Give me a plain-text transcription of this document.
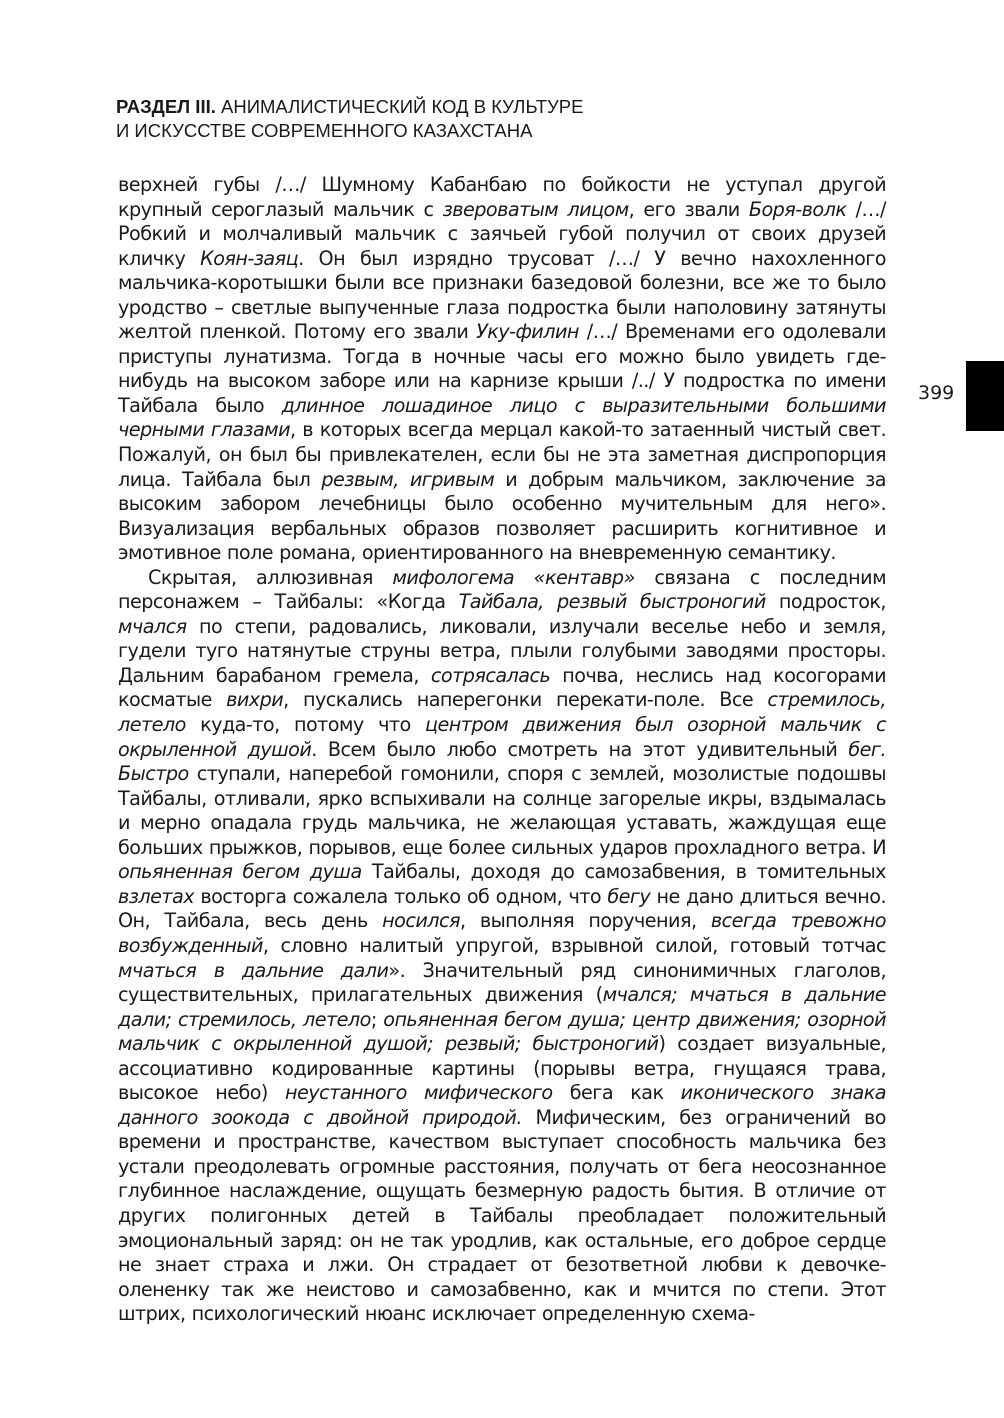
РАЗДЕЛ III. АНИМАЛИСТИЧЕСКИЙ КОД В КУЛЬТУРЕ
И ИСКУССТВЕ СОВРЕМЕННОГО КАЗАХСТАНА

верхней губы /…/ Шумному Кабанбаю по бойкости не уступал другой крупный сероглазый мальчик с звероватым лицом, его звали Боря-волк /…/ Робкий и молчаливый мальчик с заячьей губой получил от своих друзей кличку Коян-заяц. Он был изрядно трусоват /…/ У вечно нахохленного мальчика-коротышки были все признаки базедовой болезни, все же то было уродство – светлые выпученные глаза подростка были наполовину затянуты желтой пленкой. Потому его звали Уку-филин /…/ Временами его одолевали приступы лунатизма. Тогда в ночные часы его можно было увидеть где-нибудь на высоком заборе или на карнизе крыши /../ У подростка по имени Тайбала было длинное лошадиное лицо с выразительными большими черными глазами, в которых всегда мерцал какой-то затаенный чистый свет. Пожалуй, он был бы привлекателен, если бы не эта заметная диспропорция лица. Тайбала был резвым, игривым и добрым мальчиком, заключение за высоким забором лечебницы было особенно мучительным для него». Визуализация вербальных образов позволяет расширить когнитивное и эмотивное поле романа, ориентированного на вневременную семантику.

Скрытая, аллюзивная мифологема «кентавр» связана с последним персонажем – Тайбалы: «Когда Тайбала, резвый быстроногий подросток, мчался по степи, радовались, ликовали, излучали веселье небо и земля, гудели туго натянутые струны ветра, плыли голубыми заводями просторы. Дальним барабаном гремела, сотрясалась почва, неслись над косогорами косматые вихри, пускались наперегонки перекати-поле. Все стремилось, летело куда-то, потому что центром движения был озорной мальчик с окрыленной душой. Всем было любо смотреть на этот удивительный бег. Быстро ступали, наперебой гомонили, споря с землей, мозолистые подошвы Тайбалы, отливали, ярко вспыхивали на солнце загорелые икры, вздымалась и мерно опадала грудь мальчика, не желающая уставать, жаждущая еще больших прыжков, порывов, еще более сильных ударов прохладного ветра. И опьяненная бегом душа Тайбалы, доходя до самозабвения, в томительных взлетах восторга сожалела только об одном, что бегу не дано длиться вечно. Он, Тайбала, весь день носился, выполняя поручения, всегда тревожно возбужденный, словно налитый упругой, взрывной силой, готовый тотчас мчаться в дальние дали». Значительный ряд синонимичных глаголов, существительных, прилагательных движения (мчался; мчаться в дальние дали; стремилось, летело; опьяненная бегом душа; центр движения; озорной мальчик с окрыленной душой; резвый; быстроногий) создает визуальные, ассоциативно кодированные картины (порывы ветра, гнущаяся трава, высокое небо) неустанного мифического бега как иконического знака данного зоокода с двойной природой. Мифическим, без ограничений во времени и пространстве, качеством выступает способность мальчика без устали преодолевать огромные расстояния, получать от бега неосознанное глубинное наслаждение, ощущать безмерную радость бытия. В отличие от других полигонных детей в Тайбалы преобладает положительный эмоциональный заряд: он не так уродлив, как остальные, его доброе сердце не знает страха и лжи. Он страдает от безответной любви к девочке-олененку так же неистово и самозабвенно, как и мчится по степи. Этот штрих, психологический нюанс исключает определенную схема-

399
